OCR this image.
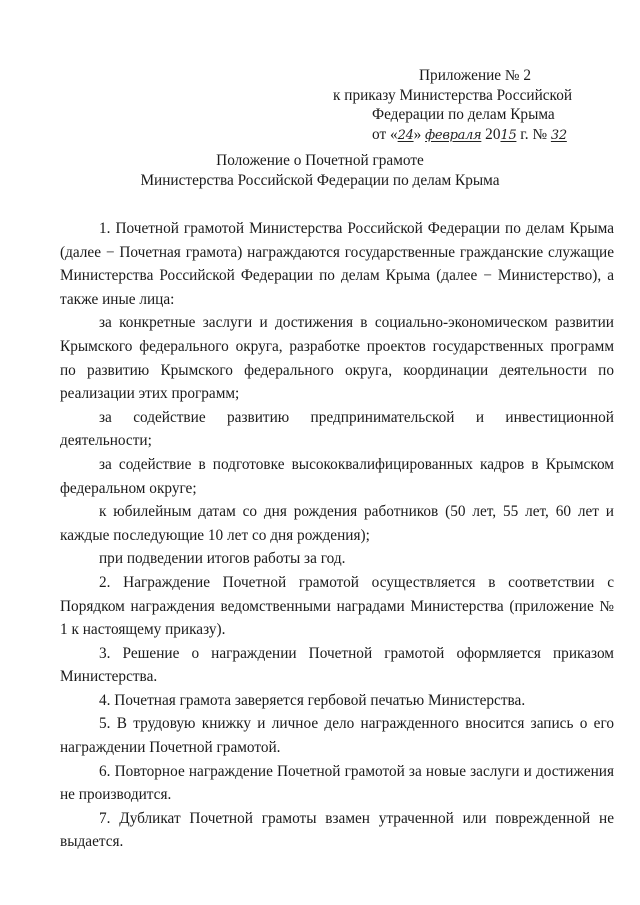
Приложение № 2
к приказу Министерства Российской
Федерации по делам Крыма
от «24» февраля 2015 г. № 32
Положение о Почетной грамоте
Министерства Российской Федерации по делам Крыма

1. Почетной грамотой Министерства Российской Федерации по делам Крыма (далее − Почетная грамота) награждаются государственные гражданские служащие Министерства Российской Федерации по делам Крыма (далее − Министерство), а также иные лица:

за конкретные заслуги и достижения в социально-экономическом развитии Крымского федерального округа, разработке проектов государственных программ по развитию Крымского федерального округа, координации деятельности по реализации этих программ;

за содействие развитию предпринимательской и инвестиционной деятельности;

за содействие в подготовке высококвалифицированных кадров в Крымском федеральном округе;

к юбилейным датам со дня рождения работников (50 лет, 55 лет, 60 лет и каждые последующие 10 лет со дня рождения);

при подведении итогов работы за год.

2. Награждение Почетной грамотой осуществляется в соответствии с Порядком награждения ведомственными наградами Министерства (приложение № 1 к настоящему приказу).

3. Решение о награждении Почетной грамотой оформляется приказом Министерства.

4. Почетная грамота заверяется гербовой печатью Министерства.

5. В трудовую книжку и личное дело награжденного вносится запись о его награждении Почетной грамотой.

6. Повторное награждение Почетной грамотой за новые заслуги и достижения не производится.

7. Дубликат Почетной грамоты взамен утраченной или поврежденной не выдается.
